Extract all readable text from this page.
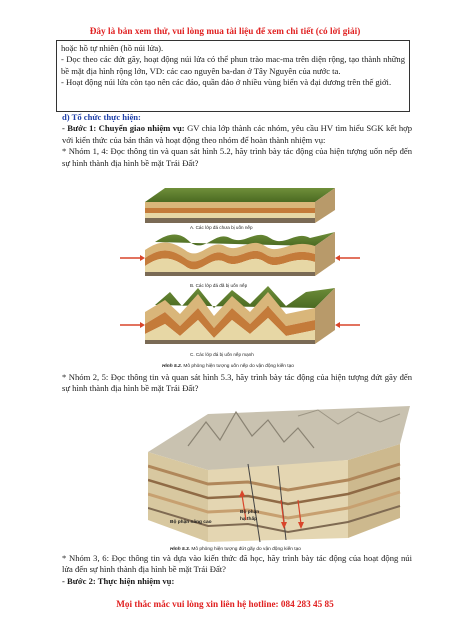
Đây là bản xem thử, vui lòng mua tài liệu để xem chi tiết (có lời giải)

hoặc hồ tự nhiên (hồ núi lửa).

- Dọc theo các đứt gãy, hoạt động núi lửa có thể phun trào mac-ma trên diện rộng, tạo thành những bề mặt địa hình rộng lớn, VD: các cao nguyên ba-dan ở Tây Nguyên của nước ta.

- Hoạt động núi lửa còn tạo nên các đảo, quần đảo ở nhiều vùng biển và đại dương trên thế giới.

d) Tổ chức thực hiện:

- Bước 1: Chuyển giao nhiệm vụ: GV chia lớp thành các nhóm, yêu cầu HV tìm hiểu SGK kết hợp với kiến thức của bản thân và hoạt động theo nhóm để hoàn thành nhiệm vụ:

* Nhóm 1, 4: Đọc thông tin và quan sát hình 5.2, hãy trình bày tác động của hiện tượng uốn nếp đến sự hình thành địa hình bề mặt Trái Đất?

A. Các lớp đá chưa bị uốn nếp
B. Các lớp đá đã bị uốn nếp
C. Các lớp đá bị uốn nếp mạnh
Hình 5.2. Mô phỏng hiện tượng uốn nếp do vận động kiến tạo

* Nhóm 2, 5: Đọc thông tin và quan sát hình 5.3, hãy trình bày tác động của hiện tượng đứt gãy đến sự hình thành địa hình bề mặt Trái Đất?

Bộ phận nâng cao
Bộ phận
hạ thấp
Hình 5.3. Mô phỏng hiện tượng đứt gãy do vận động kiến tạo

* Nhóm 3, 6: Đọc thông tin và dựa vào kiến thức đã học, hãy trình bày tác động của hoạt động núi lửa đến sự hình thành địa hình bề mặt Trái Đất?

- Bước 2: Thực hiện nhiệm vụ:

Mọi thắc mắc vui lòng xin liên hệ hotline: 084 283 45 85
